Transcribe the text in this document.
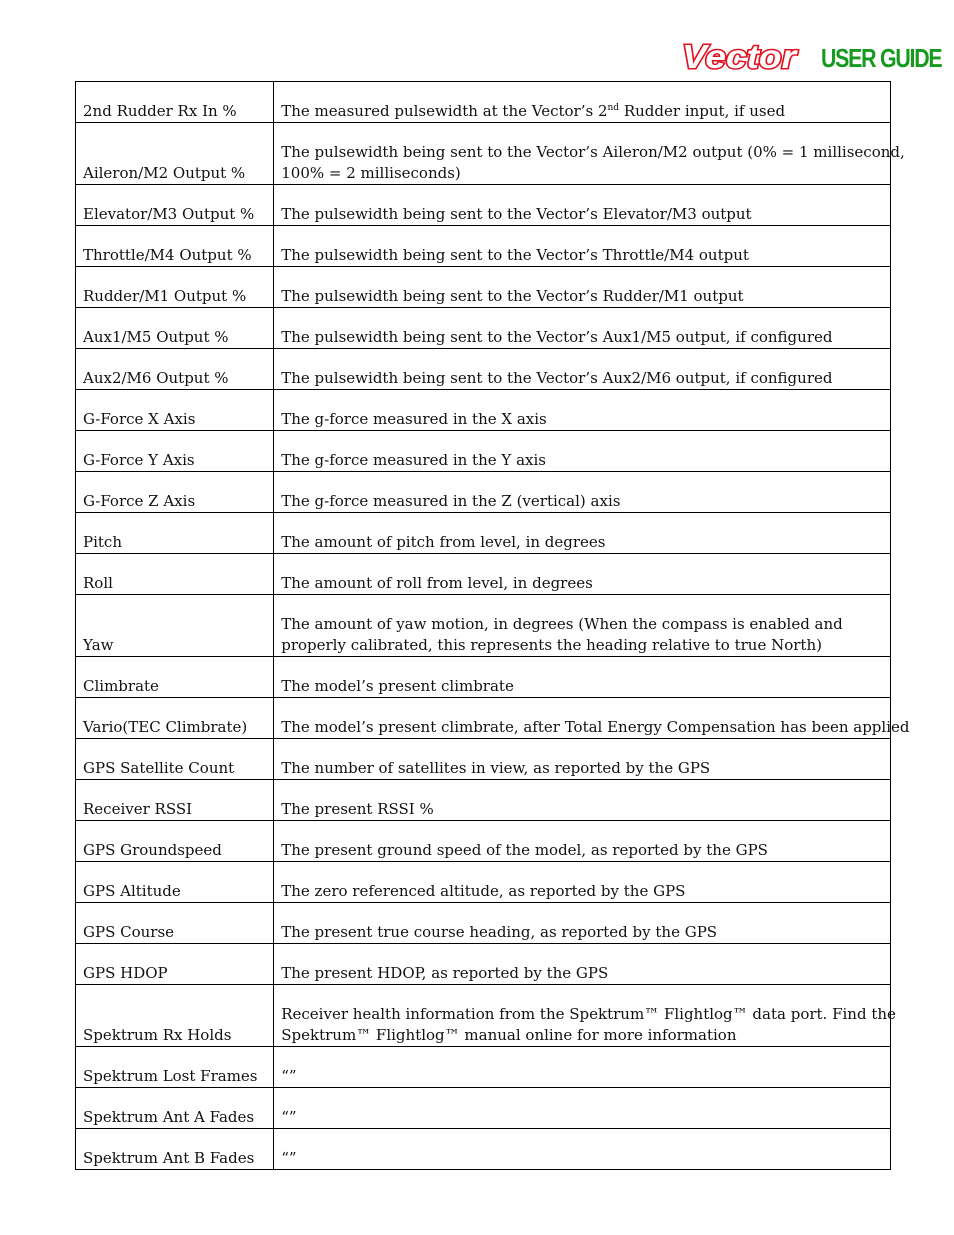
Vector USER GUIDE
2nd Rudder Rx In %	The measured pulsewidth at the Vector’s 2nd Rudder input, if used
Aileron/M2 Output %	The pulsewidth being sent to the Vector’s Aileron/M2 output (0% = 1 millisecond,
100% = 2 milliseconds)

Elevator/M3 Output %	The pulsewidth being sent to the Vector’s Elevator/M3 output
Throttle/M4 Output %	The pulsewidth being sent to the Vector’s Throttle/M4 output
Rudder/M1 Output %	The pulsewidth being sent to the Vector’s Rudder/M1 output
Aux1/M5 Output %	The pulsewidth being sent to the Vector’s Aux1/M5 output, if configured
Aux2/M6 Output %	The pulsewidth being sent to the Vector’s Aux2/M6 output, if configured
G-Force X Axis	The g-force measured in the X axis
G-Force Y Axis	The g-force measured in the Y axis
G-Force Z Axis	The g-force measured in the Z (vertical) axis
Pitch	The amount of pitch from level, in degrees
Roll	The amount of roll from level, in degrees
Yaw	The amount of yaw motion, in degrees (When the compass is enabled and
properly calibrated, this represents the heading relative to true North)

Climbrate	The model’s present climbrate
Vario(TEC Climbrate)	The model’s present climbrate, after Total Energy Compensation has been applied
GPS Satellite Count	The number of satellites in view, as reported by the GPS
Receiver RSSI	The present RSSI %
GPS Groundspeed	The present ground speed of the model, as reported by the GPS
GPS Altitude	The zero referenced altitude, as reported by the GPS
GPS Course	The present true course heading, as reported by the GPS
GPS HDOP	The present HDOP, as reported by the GPS
Spektrum Rx Holds	Receiver health information from the Spektrum™ Flightlog™ data port. Find the
Spektrum™ Flightlog™ manual online for more information

Spektrum Lost Frames	“”
Spektrum Ant A Fades	“”
Spektrum Ant B Fades	“”
